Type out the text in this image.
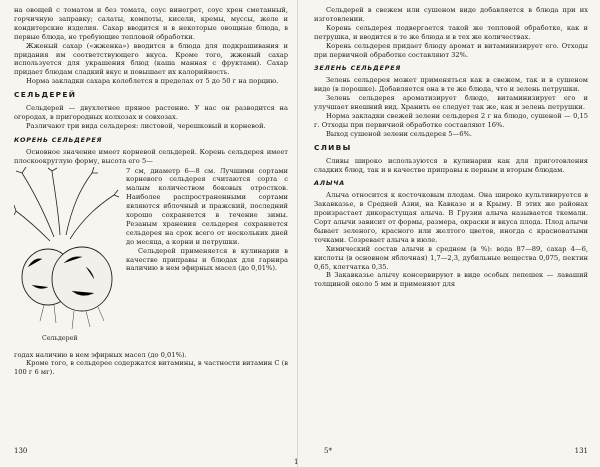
на овощей с томатом и без томата, соус винегрет, соус хрен сметанный, горчичную заправку; салаты, компоты, кисели, кремы, муссы, желе и кондитерские изделия. Сахар вводится и в некоторые овощные блюда, в первые блюда, не требующие тепловой обработки.

Жженый сахар («жженка») вводится в блюда для подкрашивания и придания им соответствующего вкуса. Кроме того, жженый сахар используется для украшения блюд (каша манная с фруктами). Сахар придает блюдам сладкий вкус и повышает их калорийность.

Норма закладки сахара колеблется в пределах от 5 до 50 г на порцию.

СЕЛЬДЕРЕЙ

Сельдерей — двухлетнее пряное растение. У нас он разводится на огородах, в пригородных колхозах и совхозах.

Различают три вида сельдерея: листовой, черешковый и корневой.

КОРЕНЬ СЕЛЬДЕРЕЯ

Основное значение имеет корневой сельдерей. Корень сельдерея имеет плоскоокруглую форму, высота его 5—

Сельдерей

7 см, диаметр 6—8 см. Лучшими сортами корневого сельдерея считаются сорта с малым количеством боковых отростков. Наиболее распространенными сортами являются яблочный и пражский, последний хорошо сохраняется в течение зимы. Резаным хранения сельдерея сохраняется сельдерея на срок всего от нескольких дней до месяца, а корни и петрушки.

Сельдерей применяется в кулинарии в качестве приправы и блюдах для гарнира наличию в нем эфирных масел (до 0,01%).

годах наличию в нем эфирных масел (до 0,01%).

Кроме того, в сельдерее содержатся витамины, в частности витамин С (в 100 г 6 мг).

130

Сельдерей в свежем или сушеном виде добавляется в блюда при их изготовлении.

Корень сельдерея подвергается такой же тепловой обработке, как и петрушка, и вводится в те же блюда и в тех же количествах.

Корень сельдерея придает блюду аромат и витаминизирует его. Отходы при первичной обработке составляют 32%.

ЗЕЛЕНЬ СЕЛЬДЕРЕЯ

Зелень сельдерея может применяться как в свежем, так и в сушеном виде (в порошке). Добавляется она в те же блюда, что и зелень петрушки.

Зелень сельдерея ароматизирует блюдо, витаминизирует его и улучшает внешний вид. Хранить ее следует так же, как и зелень петрушки.

Норма закладки свежей зелени сельдерея 2 г на блюдо, сушеной — 0,15 г. Отходы при первичной обработке составляют 16%.

Выход сушеной зелени сельдерея 5—6%.

СЛИВЫ

Сливы широко используются в кулинарии как для приготовления сладких блюд, так и в качестве приправы к первым и вторым блюдам.

АЛЫЧА

Алыча относится к косточковым плодам. Она широко культивируется в Закавказье, в Средней Азии, на Кавказе и в Крыму. В этих же районах произрастает дикорастущая алыча. В Грузии алыча называется ткемали. Сорт алычи зависит от формы, размера, окраски и вкуса плода. Плод алычи бывает зеленого, красного или желтого цветов, иногда с красноватыми точками. Созревает алыча в июле.

Химический состав алычи в среднем (в %): вода 87—89, сахар 4—6, кислоты (в основном яблочная) 1,7—2,3, дубильные вещества 0,075, пектин 0,65, клетчатка 0,35.

В Закавказье алычу консервируют в виде особых лепешек — лаваший толщиной около 5 мм и применяют для

5*	131
1
